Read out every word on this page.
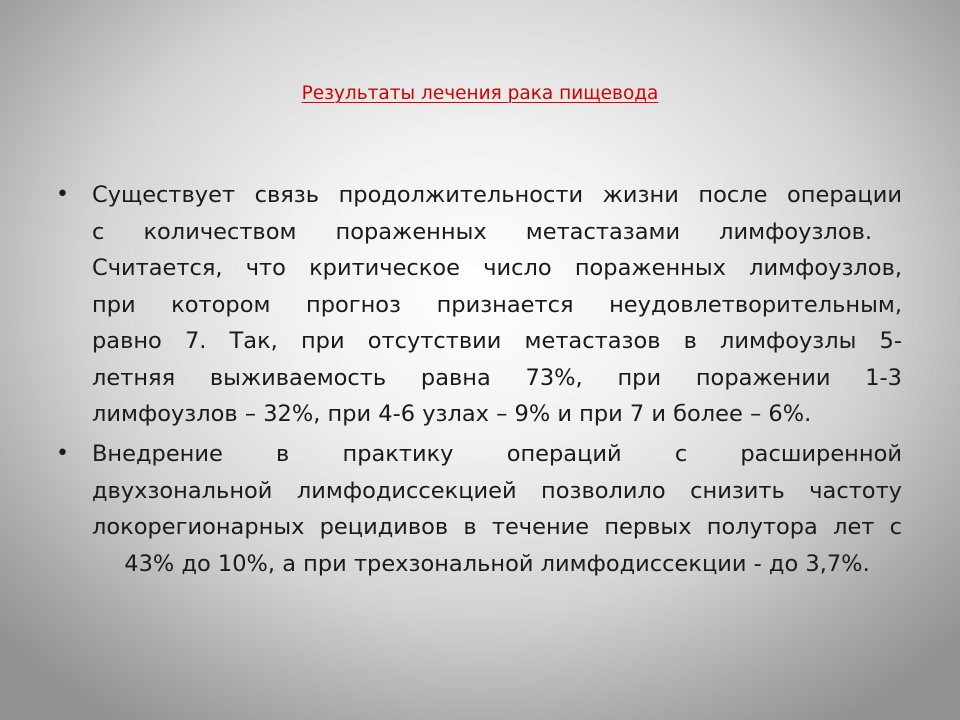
Результаты лечения рака пищевода
• Существует связь продолжительности жизни после операции
с количеством пораженных метастазами лимфоузлов.
Считается, что критическое число пораженных лимфоузлов,
при котором прогноз признается неудовлетворительным,
равно 7. Так, при отсутствии метастазов в лимфоузлы 5-
летняя выживаемость равна 73%, при поражении 1-3
лимфоузлов – 32%, при 4-6 узлах – 9% и при 7 и более – 6%.
• Внедрение в практику операций с расширенной
двухзональной лимфодиссекцией позволило снизить частоту
локорегионарных рецидивов в течение первых полутора лет с
43% до 10%, а при трехзональной лимфодиссекции - до 3,7%.
